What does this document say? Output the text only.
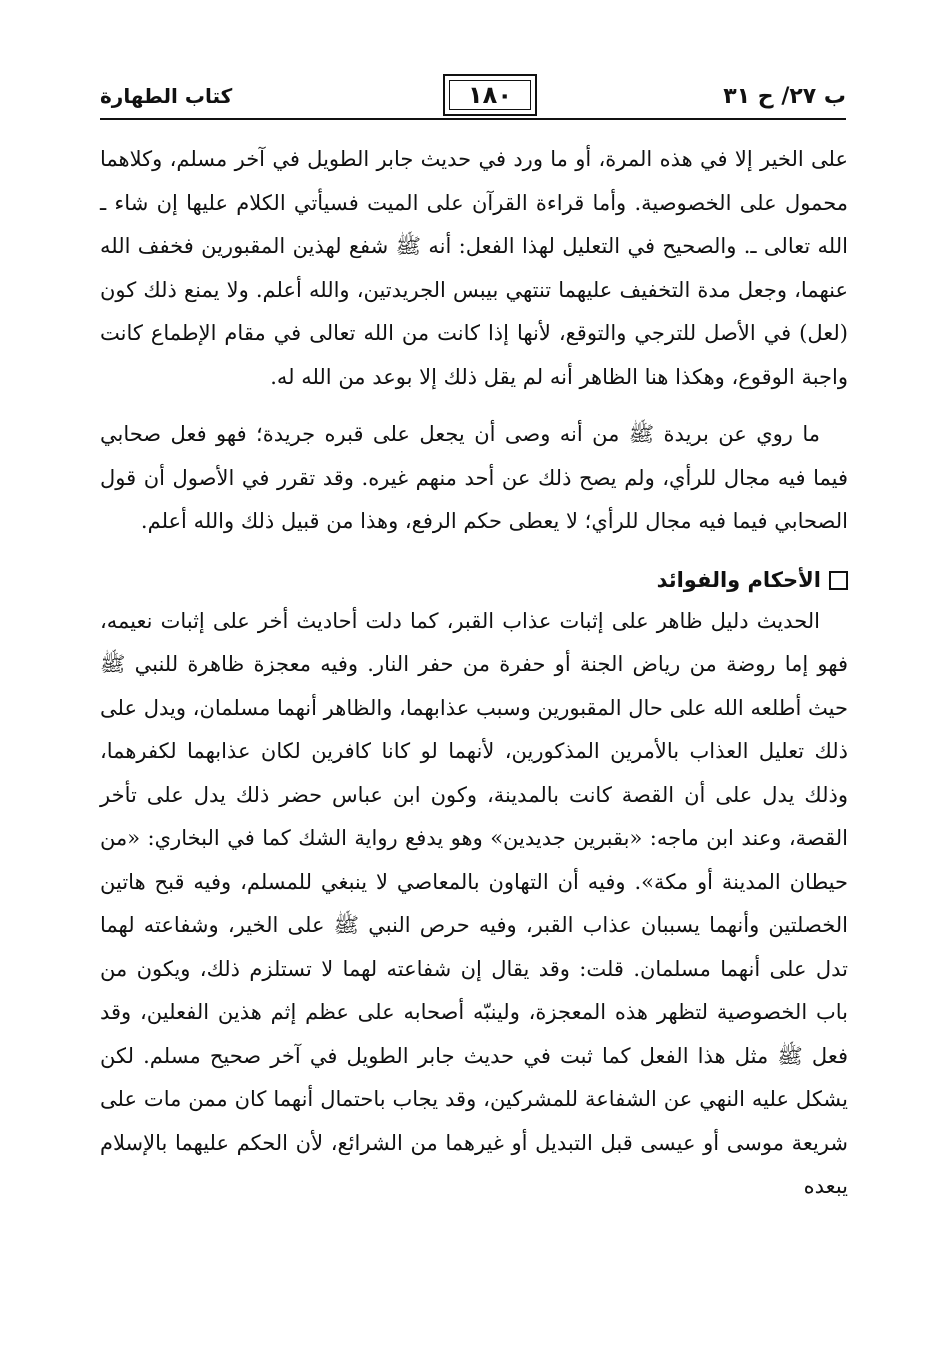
ب ٢٧/ ح ٣١
١٨٠
كتاب الطهارة

على الخير إلا في هذه المرة، أو ما ورد في حديث جابر الطويل في آخر مسلم، وكلاهما محمول على الخصوصية. وأما قراءة القرآن على الميت فسيأتي الكلام عليها إن شاء ـ الله تعالى ـ. والصحيح في التعليل لهذا الفعل: أنه ﷺ شفع لهذين المقبورين فخفف الله عنهما، وجعل مدة التخفيف عليهما تنتهي بيبس الجريدتين، والله أعلم. ولا يمنع ذلك كون (لعل) في الأصل للترجي والتوقع، لأنها إذا كانت من الله تعالى في مقام الإطماع كانت واجبة الوقوع، وهكذا هنا الظاهر أنه لم يقل ذلك إلا بوعد من الله له.

ما روي عن بريدة ﷺ من أنه وصى أن يجعل على قبره جريدة؛ فهو فعل صحابي فيما فيه مجال للرأي، ولم يصح ذلك عن أحد منهم غيره. وقد تقرر في الأصول أن قول الصحابي فيما فيه مجال للرأي؛ لا يعطى حكم الرفع، وهذا من قبيل ذلك والله أعلم.

الأحكام والفوائد

الحديث دليل ظاهر على إثبات عذاب القبر، كما دلت أحاديث أخر على إثبات نعيمه، فهو إما روضة من رياض الجنة أو حفرة من حفر النار. وفيه معجزة ظاهرة للنبي ﷺ حيث أطلعه الله على حال المقبورين وسبب عذابهما، والظاهر أنهما مسلمان، ويدل على ذلك تعليل العذاب بالأمرين المذكورين، لأنهما لو كانا كافرين لكان عذابهما لكفرهما، وذلك يدل على أن القصة كانت بالمدينة، وكون ابن عباس حضر ذلك يدل على تأخر القصة، وعند ابن ماجه: «بقبرين جديدين» وهو يدفع رواية الشك كما في البخاري: «من حيطان المدينة أو مكة». وفيه أن التهاون بالمعاصي لا ينبغي للمسلم، وفيه قبح هاتين الخصلتين وأنهما يسببان عذاب القبر، وفيه حرص النبي ﷺ على الخير، وشفاعته لهما تدل على أنهما مسلمان. قلت: وقد يقال إن شفاعته لهما لا تستلزم ذلك، ويكون من باب الخصوصية لتظهر هذه المعجزة، ولينبّه أصحابه على عظم إثم هذين الفعلين، وقد فعل ﷺ مثل هذا الفعل كما ثبت في حديث جابر الطويل في آخر صحيح مسلم. لكن يشكل عليه النهي عن الشفاعة للمشركين، وقد يجاب باحتمال أنهما كان ممن مات على شريعة موسى أو عيسى قبل التبديل أو غيرهما من الشرائع، لأن الحكم عليهما بالإسلام يبعده
